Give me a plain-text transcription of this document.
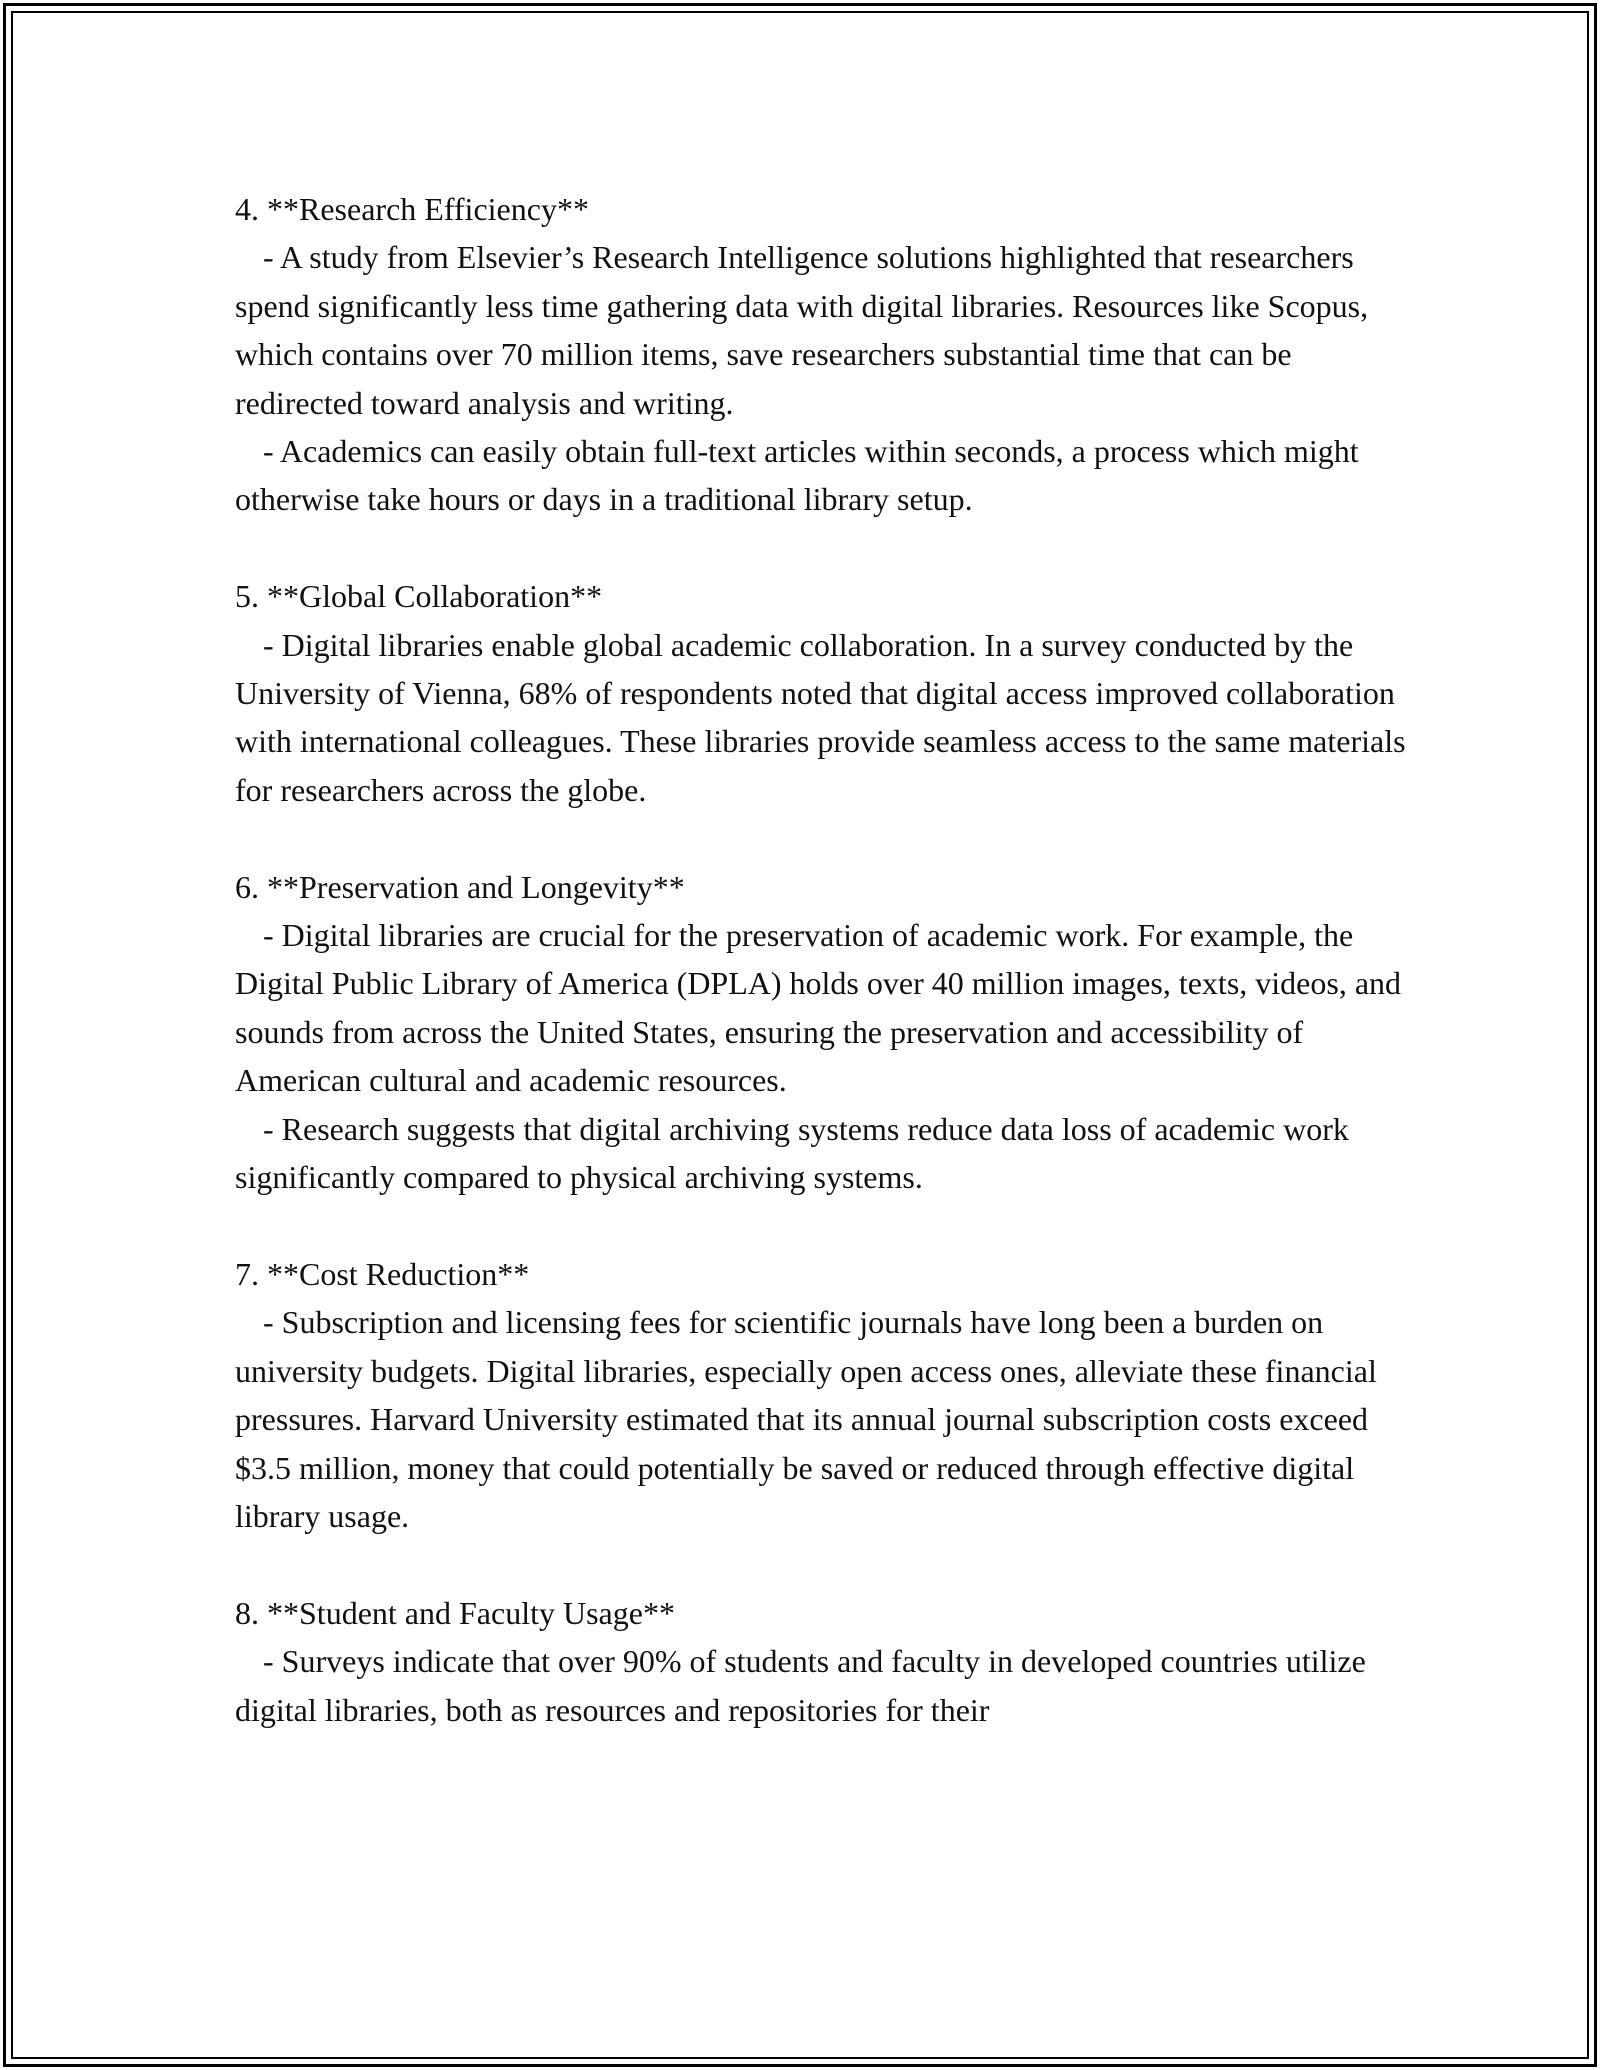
4. **Research Efficiency**

- A study from Elsevier’s Research Intelligence solutions highlighted that researchers spend significantly less time gathering data with digital libraries. Resources like Scopus, which contains over 70 million items, save researchers substantial time that can be redirected toward analysis and writing.

- Academics can easily obtain full-text articles within seconds, a process which might otherwise take hours or days in a traditional library setup.

5. **Global Collaboration**

- Digital libraries enable global academic collaboration. In a survey conducted by the University of Vienna, 68% of respondents noted that digital access improved collaboration with international colleagues. These libraries provide seamless access to the same materials for researchers across the globe.

6. **Preservation and Longevity**

- Digital libraries are crucial for the preservation of academic work. For example, the Digital Public Library of America (DPLA) holds over 40 million images, texts, videos, and sounds from across the United States, ensuring the preservation and accessibility of American cultural and academic resources.

- Research suggests that digital archiving systems reduce data loss of academic work significantly compared to physical archiving systems.

7. **Cost Reduction**

- Subscription and licensing fees for scientific journals have long been a burden on university budgets. Digital libraries, especially open access ones, alleviate these financial pressures. Harvard University estimated that its annual journal subscription costs exceed $3.5 million, money that could potentially be saved or reduced through effective digital library usage.

8. **Student and Faculty Usage**

- Surveys indicate that over 90% of students and faculty in developed countries utilize digital libraries, both as resources and repositories for their
